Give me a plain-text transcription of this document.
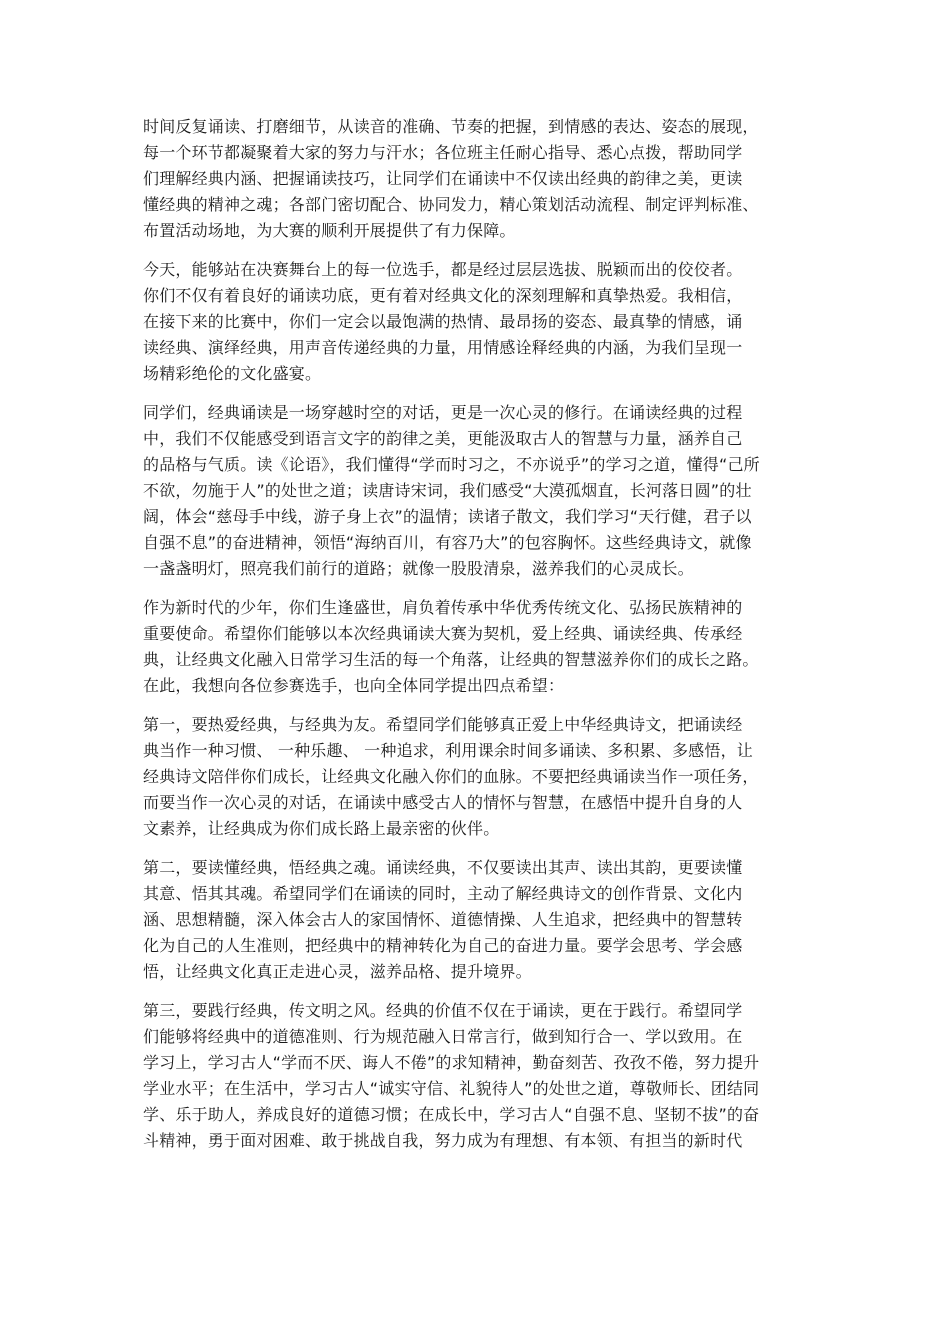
时间反复诵读、打磨细节，从读音的准确、节奏的把握，到情感的表达、姿态的展现，
每一个环节都凝聚着大家的努力与汗水；各位班主任耐心指导、悉心点拨，帮助同学
们理解经典内涵、把握诵读技巧，让同学们在诵读中不仅读出经典的韵律之美，更读
懂经典的精神之魂；各部门密切配合、协同发力，精心策划活动流程、制定评判标准、
布置活动场地，为大赛的顺利开展提供了有力保障。
今天，能够站在决赛舞台上的每一位选手，都是经过层层选拔、脱颖而出的佼佼者。
你们不仅有着良好的诵读功底，更有着对经典文化的深刻理解和真挚热爱。我相信，
在接下来的比赛中，你们一定会以最饱满的热情、最昂扬的姿态、最真挚的情感，诵
读经典、演绎经典，用声音传递经典的力量，用情感诠释经典的内涵，为我们呈现一
场精彩绝伦的文化盛宴。
同学们，经典诵读是一场穿越时空的对话，更是一次心灵的修行。在诵读经典的过程
中，我们不仅能感受到语言文字的韵律之美，更能汲取古人的智慧与力量，涵养自己
的品格与气质。读《论语》，我们懂得“学而时习之，不亦说乎”的学习之道，懂得“己所
不欲，勿施于人”的处世之道；读唐诗宋词，我们感受“大漠孤烟直，长河落日圆”的壮
阔，体会“慈母手中线，游子身上衣”的温情；读诸子散文，我们学习“天行健，君子以
自强不息”的奋进精神，领悟“海纳百川，有容乃大”的包容胸怀。这些经典诗文，就像
一盏盏明灯，照亮我们前行的道路；就像一股股清泉，滋养我们的心灵成长。
作为新时代的少年，你们生逢盛世，肩负着传承中华优秀传统文化、弘扬民族精神的
重要使命。希望你们能够以本次经典诵读大赛为契机，爱上经典、诵读经典、传承经
典，让经典文化融入日常学习生活的每一个角落，让经典的智慧滋养你们的成长之路。
在此，我想向各位参赛选手，也向全体同学提出四点希望：
第一，要热爱经典，与经典为友。希望同学们能够真正爱上中华经典诗文，把诵读经
典当作一种习惯、 一种乐趣、 一种追求，利用课余时间多诵读、多积累、多感悟，让
经典诗文陪伴你们成长，让经典文化融入你们的血脉。不要把经典诵读当作一项任务，
而要当作一次心灵的对话，在诵读中感受古人的情怀与智慧，在感悟中提升自身的人
文素养，让经典成为你们成长路上最亲密的伙伴。
第二，要读懂经典，悟经典之魂。诵读经典，不仅要读出其声、读出其韵，更要读懂
其意、悟其其魂。希望同学们在诵读的同时，主动了解经典诗文的创作背景、文化内
涵、思想精髓，深入体会古人的家国情怀、道德情操、人生追求，把经典中的智慧转
化为自己的人生准则，把经典中的精神转化为自己的奋进力量。要学会思考、学会感
悟，让经典文化真正走进心灵，滋养品格、提升境界。
第三，要践行经典，传文明之风。经典的价值不仅在于诵读，更在于践行。希望同学
们能够将经典中的道德准则、行为规范融入日常言行，做到知行合一、学以致用。在
学习上，学习古人“学而不厌、诲人不倦”的求知精神，勤奋刻苦、孜孜不倦，努力提升
学业水平；在生活中，学习古人“诚实守信、礼貌待人”的处世之道，尊敬师长、团结同
学、乐于助人，养成良好的道德习惯；在成长中，学习古人“自强不息、坚韧不拔”的奋
斗精神，勇于面对困难、敢于挑战自我，努力成为有理想、有本领、有担当的新时代
